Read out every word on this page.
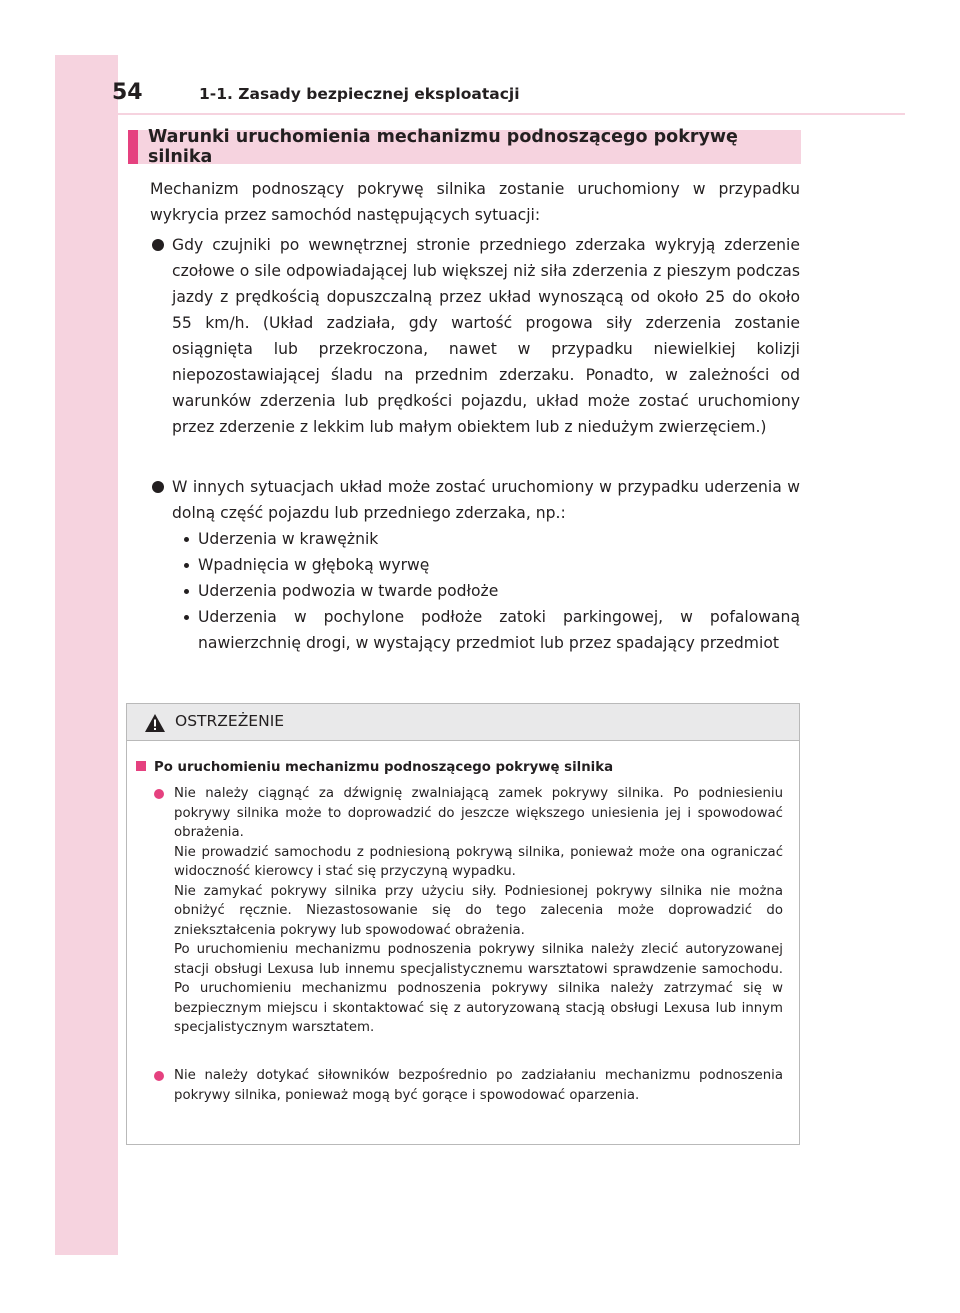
54	1-1. Zasady bezpiecznej eksploatacji
Warunki uruchomienia mechanizmu podnoszącego pokrywę silnika

Mechanizm podnoszący pokrywę silnika zostanie uruchomiony w przypadku wykrycia przez samochód następujących sytuacji:

Gdy czujniki po wewnętrznej stronie przedniego zderzaka wykryją zderzenie czołowe o sile odpowiadającej lub większej niż siła zderzenia z pieszym podczas jazdy z prędkością dopuszczalną przez układ wynoszącą od około 25 do około 55 km/h. (Układ zadziała, gdy wartość progowa siły zderzenia zostanie osiągnięta lub przekroczona, nawet w przypadku niewielkiej kolizji niepozostawiającej śladu na przednim zderzaku. Ponadto, w zależności od warunków zderzenia lub prędkości pojazdu, układ może zostać uruchomiony przez zderzenie z lekkim lub małym obiektem lub z niedużym zwierzęciem.)
W innych sytuacjach układ może zostać uruchomiony w przypadku uderzenia w dolną część pojazdu lub przedniego zderzaka, np.:
Uderzenia w krawężnik
Wpadnięcia w głęboką wyrwę
Uderzenia podwozia w twarde podłoże
Uderzenia w pochylone podłoże zatoki parkingowej, w pofalowaną nawierzchnię drogi, w wystający przedmiot lub przez spadający przedmiot
OSTRZEŻENIE
Po uruchomieniu mechanizmu podnoszącego pokrywę silnika
Nie należy ciągnąć za dźwignię zwalniającą zamek pokrywy silnika. Po podniesieniu pokrywy silnika może to doprowadzić do jeszcze większego uniesienia jej i spowodować obrażenia.
Nie prowadzić samochodu z podniesioną pokrywą silnika, ponieważ może ona ograniczać widoczność kierowcy i stać się przyczyną wypadku.
Nie zamykać pokrywy silnika przy użyciu siły. Podniesionej pokrywy silnika nie można obniżyć ręcznie. Niezastosowanie się do tego zalecenia może doprowadzić do zniekształcenia pokrywy lub spowodować obrażenia.
Po uruchomieniu mechanizmu podnoszenia pokrywy silnika należy zlecić autoryzowanej stacji obsługi Lexusa lub innemu specjalistycznemu warsztatowi sprawdzenie samochodu. Po uruchomieniu mechanizmu podnoszenia pokrywy silnika należy zatrzymać się w bezpiecznym miejscu i skontaktować się z autoryzowaną stacją obsługi Lexusa lub innym specjalistycznym warsztatem.
Nie należy dotykać siłowników bezpośrednio po zadziałaniu mechanizmu podnoszenia pokrywy silnika, ponieważ mogą być gorące i spowodować oparzenia.
